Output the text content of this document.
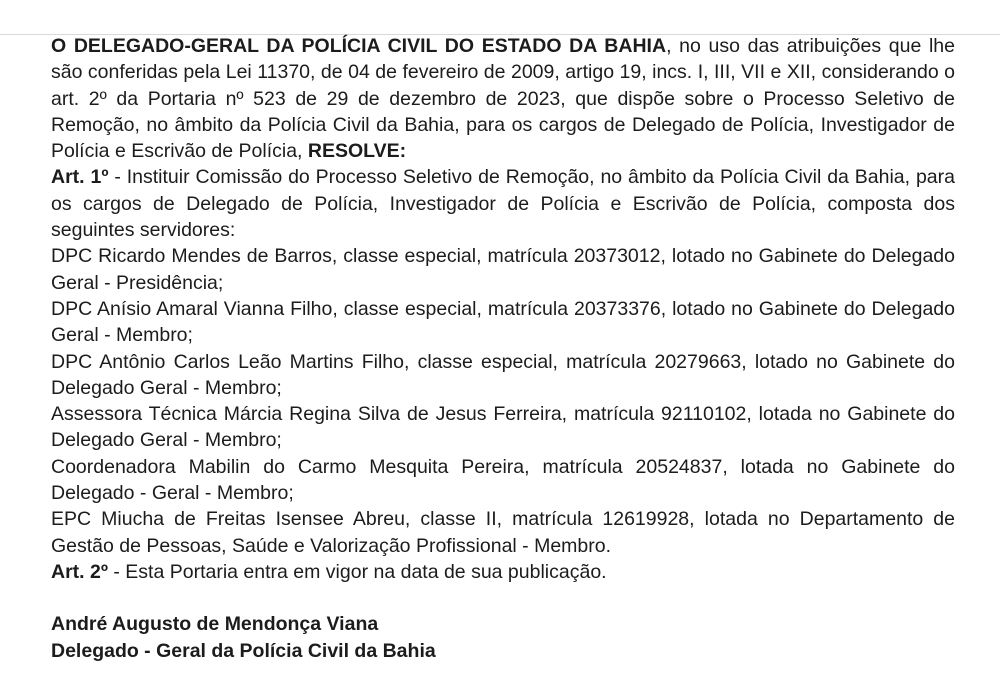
O DELEGADO-GERAL DA POLÍCIA CIVIL DO ESTADO DA BAHIA, no uso das atribuições que lhe são conferidas pela Lei 11370, de 04 de fevereiro de 2009, artigo 19, incs. I, III, VII e XII, considerando o art. 2º da Portaria nº 523 de 29 de dezembro de 2023, que dispõe sobre o Processo Seletivo de Remoção, no âmbito da Polícia Civil da Bahia, para os cargos de Delegado de Polícia, Investigador de Polícia e Escrivão de Polícia, RESOLVE:

Art. 1º - Instituir Comissão do Processo Seletivo de Remoção, no âmbito da Polícia Civil da Bahia, para os cargos de Delegado de Polícia, Investigador de Polícia e Escrivão de Polícia, composta dos seguintes servidores:

DPC Ricardo Mendes de Barros, classe especial, matrícula 20373012, lotado no Gabinete do Delegado Geral - Presidência;

DPC Anísio Amaral Vianna Filho, classe especial, matrícula 20373376, lotado no Gabinete do Delegado Geral - Membro;

DPC Antônio Carlos Leão Martins Filho, classe especial, matrícula 20279663, lotado no Gabinete do Delegado Geral - Membro;

Assessora Técnica Márcia Regina Silva de Jesus Ferreira, matrícula 92110102, lotada no Gabinete do Delegado Geral - Membro;

Coordenadora Mabilin do Carmo Mesquita Pereira, matrícula 20524837, lotada no Gabinete do Delegado - Geral - Membro;

EPC Miucha de Freitas Isensee Abreu, classe II, matrícula 12619928, lotada no Departamento de Gestão de Pessoas, Saúde e Valorização Profissional - Membro.

Art. 2º - Esta Portaria entra em vigor na data de sua publicação.

André Augusto de Mendonça Viana

Delegado - Geral da Polícia Civil da Bahia
